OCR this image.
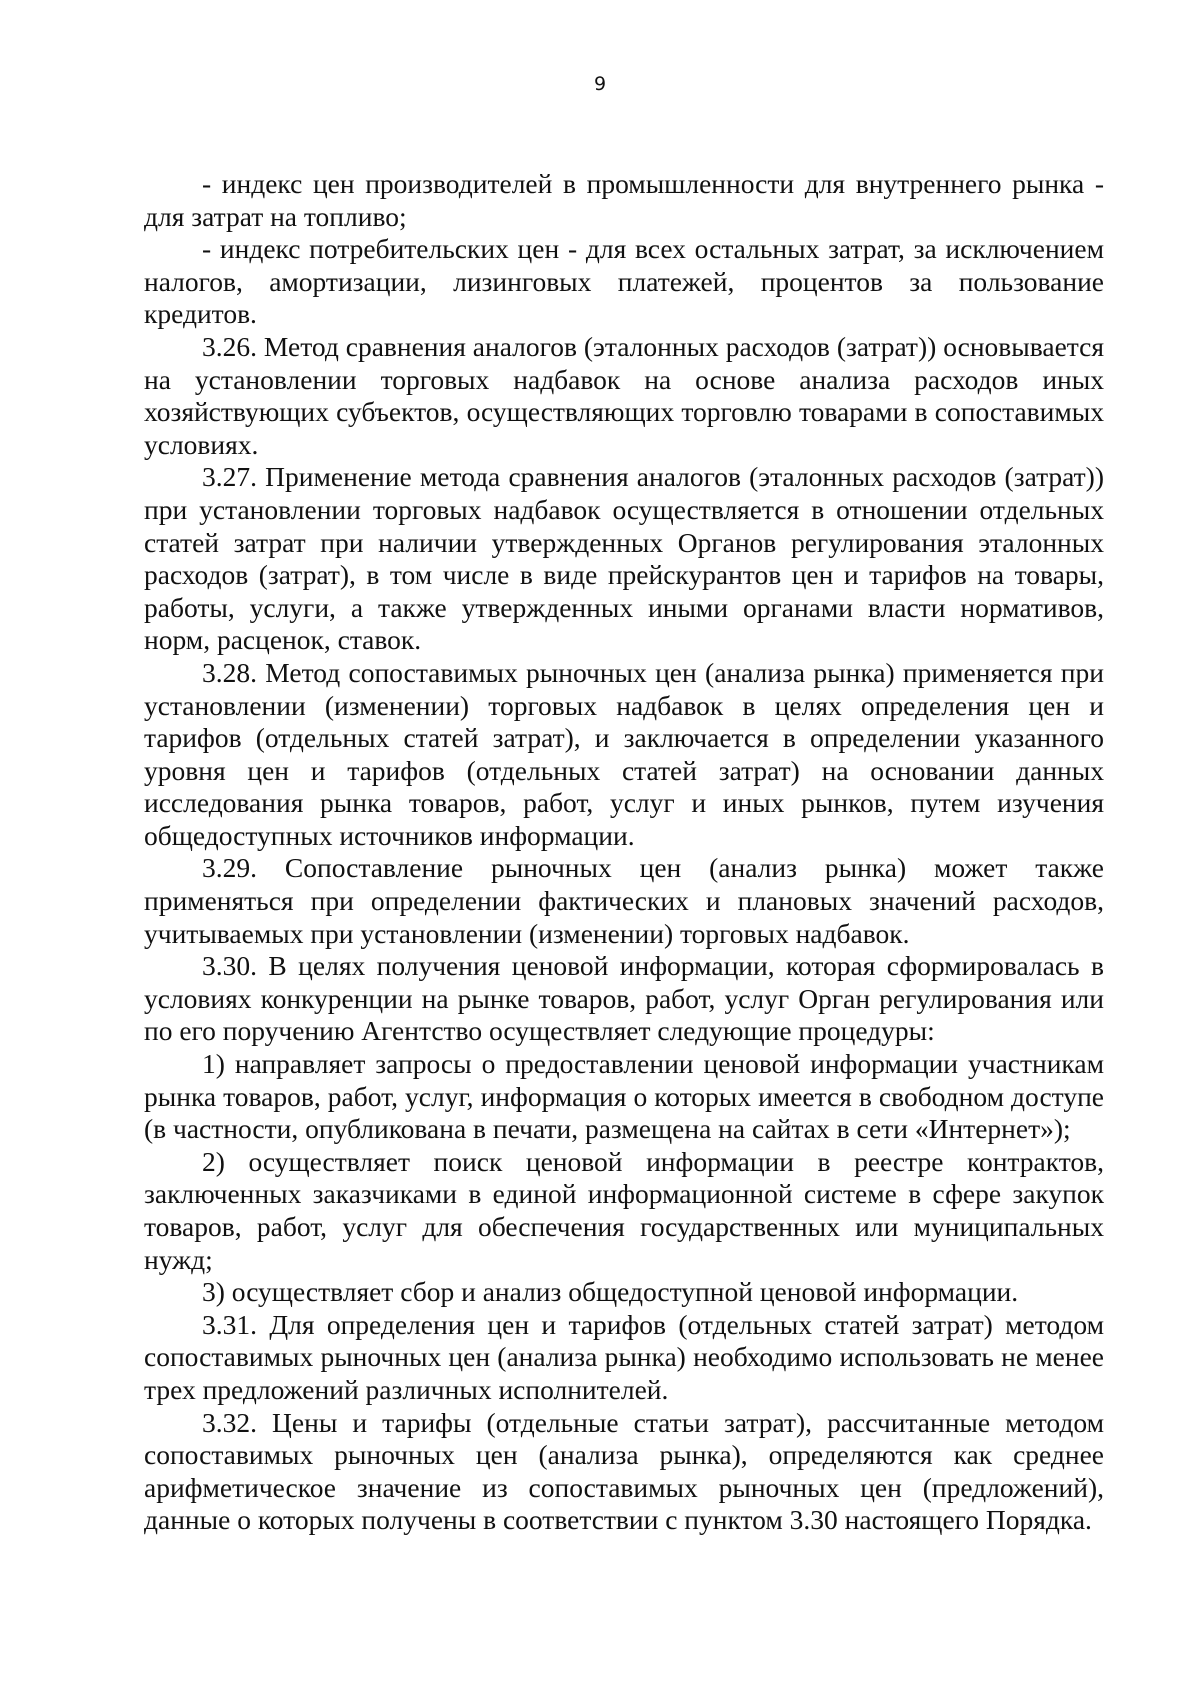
9

- индекс цен производителей в промышленности для внутреннего рынка - для затрат на топливо;

- индекс потребительских цен - для всех остальных затрат, за исключением налогов, амортизации, лизинговых платежей, процентов за пользование кредитов.

3.26. Метод сравнения аналогов (эталонных расходов (затрат)) основывается на установлении торговых надбавок на основе анализа расходов иных хозяйствующих субъектов, осуществляющих торговлю товарами в сопоставимых условиях.

3.27. Применение метода сравнения аналогов (эталонных расходов (затрат)) при установлении торговых надбавок осуществляется в отношении отдельных статей затрат при наличии утвержденных Органов регулирования эталонных расходов (затрат), в том числе в виде прейскурантов цен и тарифов на товары, работы, услуги, а также утвержденных иными органами власти нормативов, норм, расценок, ставок.

3.28. Метод сопоставимых рыночных цен (анализа рынка) применяется при установлении (изменении) торговых надбавок в целях определения цен и тарифов (отдельных статей затрат), и заключается в определении указанного уровня цен и тарифов (отдельных статей затрат) на основании данных исследования рынка товаров, работ, услуг и иных рынков, путем изучения общедоступных источников информации.

3.29. Сопоставление рыночных цен (анализ рынка) может также применяться при определении фактических и плановых значений расходов, учитываемых при установлении (изменении) торговых надбавок.

3.30. В целях получения ценовой информации, которая сформировалась в условиях конкуренции на рынке товаров, работ, услуг Орган регулирования или по его поручению Агентство осуществляет следующие процедуры:

1) направляет запросы о предоставлении ценовой информации участникам рынка товаров, работ, услуг, информация о которых имеется в свободном доступе (в частности, опубликована в печати, размещена на сайтах в сети «Интернет»);

2) осуществляет поиск ценовой информации в реестре контрактов, заключенных заказчиками в единой информационной системе в сфере закупок товаров, работ, услуг для обеспечения государственных или муниципальных нужд;

3) осуществляет сбор и анализ общедоступной ценовой информации.

3.31. Для определения цен и тарифов (отдельных статей затрат) методом сопоставимых рыночных цен (анализа рынка) необходимо использовать не менее трех предложений различных исполнителей.

3.32. Цены и тарифы (отдельные статьи затрат), рассчитанные методом сопоставимых рыночных цен (анализа рынка), определяются как среднее арифметическое значение из сопоставимых рыночных цен (предложений), данные о которых получены в соответствии с пунктом 3.30 настоящего Порядка.
